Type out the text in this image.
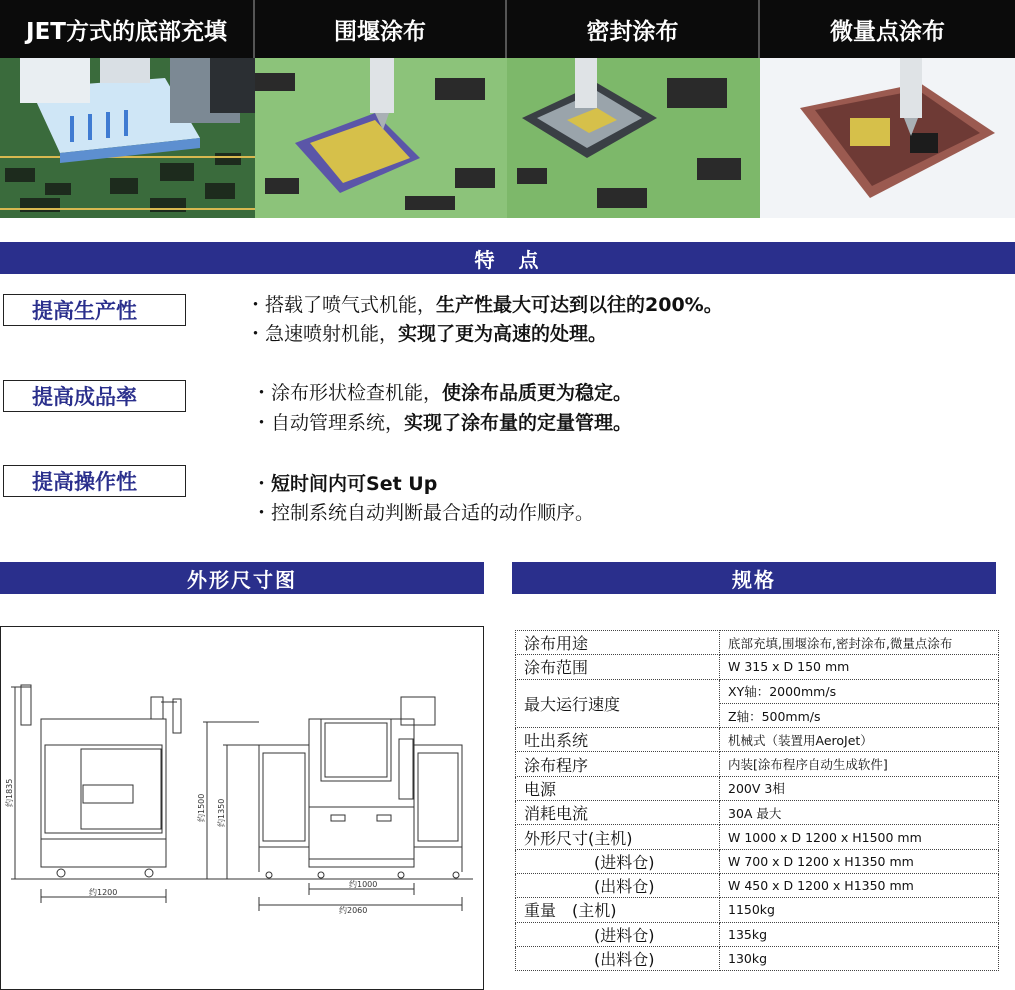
JET方式的底部充填	围堰涂布	密封涂布	微量点涂布
特　点
提高生产性	・搭载了喷气式机能，生产性最大可达到以往的200%。
・急速喷射机能，实现了更为高速的处理。
提高成品率	・涂布形状检查机能，使涂布品质更为稳定。
・自动管理系统，实现了涂布量的定量管理。
提高操作性	・短时间内可Set Up
・控制系统自动判断最合适的动作顺序。
外形尺寸图
约1835
约1200
约1500 约1350
约1000
约2060
规格
涂布用途	底部充填,围堰涂布,密封涂布,微量点涂布
涂布范围	W 315 x D 150 mm
最大运行速度	XY轴：2000mm/s
	Z轴：500mm/s
吐出系统	机械式（装置用AeroJet）
涂布程序	内装[涂布程序自动生成软件]
电源	200V 3相
消耗电流	30A 最大
外形尺寸(主机)	W 1000 x D 1200 x H1500 mm
(进料仓)	W 700 x D 1200 x H1350 mm
(出料仓)	W 450 x D 1200 x H1350 mm
重量　(主机)	1150kg
(进料仓)	135kg
(出料仓)	130kg
